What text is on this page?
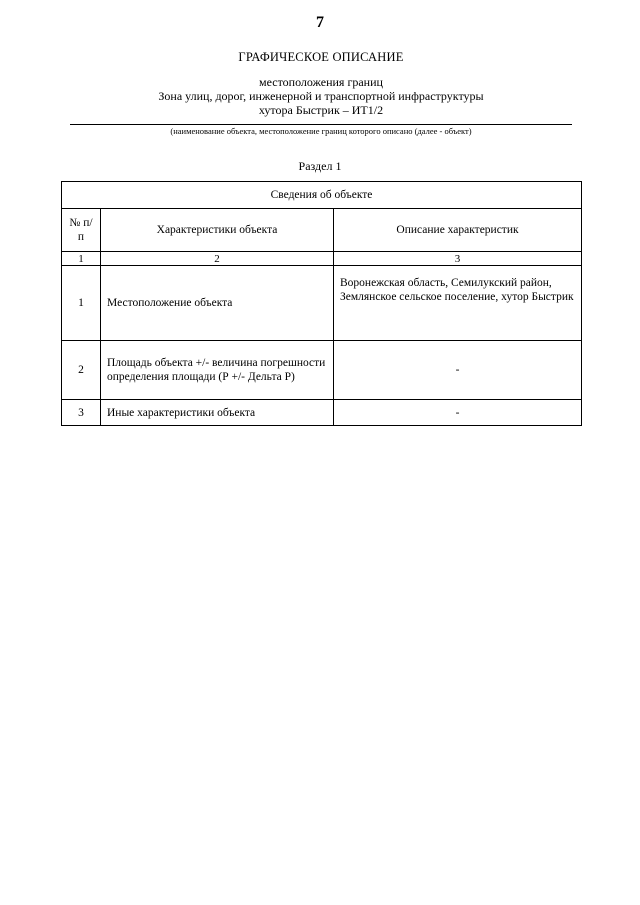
7
ГРАФИЧЕСКОЕ ОПИСАНИЕ
местоположения границ
Зона улиц, дорог, инженерной и транспортной инфраструктуры
хутора Быстрик – ИТ1/2
(наименование объекта, местоположение границ которого описано (далее - объект)
Раздел 1
Сведения об объекте		
№ п/п	Характеристики объекта	Описание характеристик
1	2	3
1	Местоположение объекта	Воронежская область, Семилукский район, Землянское сельское поселение, хутор Быстрик
2	Площадь объекта +/- величина погрешности определения площади (Р +/- Дельта Р)	-
3	Иные характеристики объекта	-
